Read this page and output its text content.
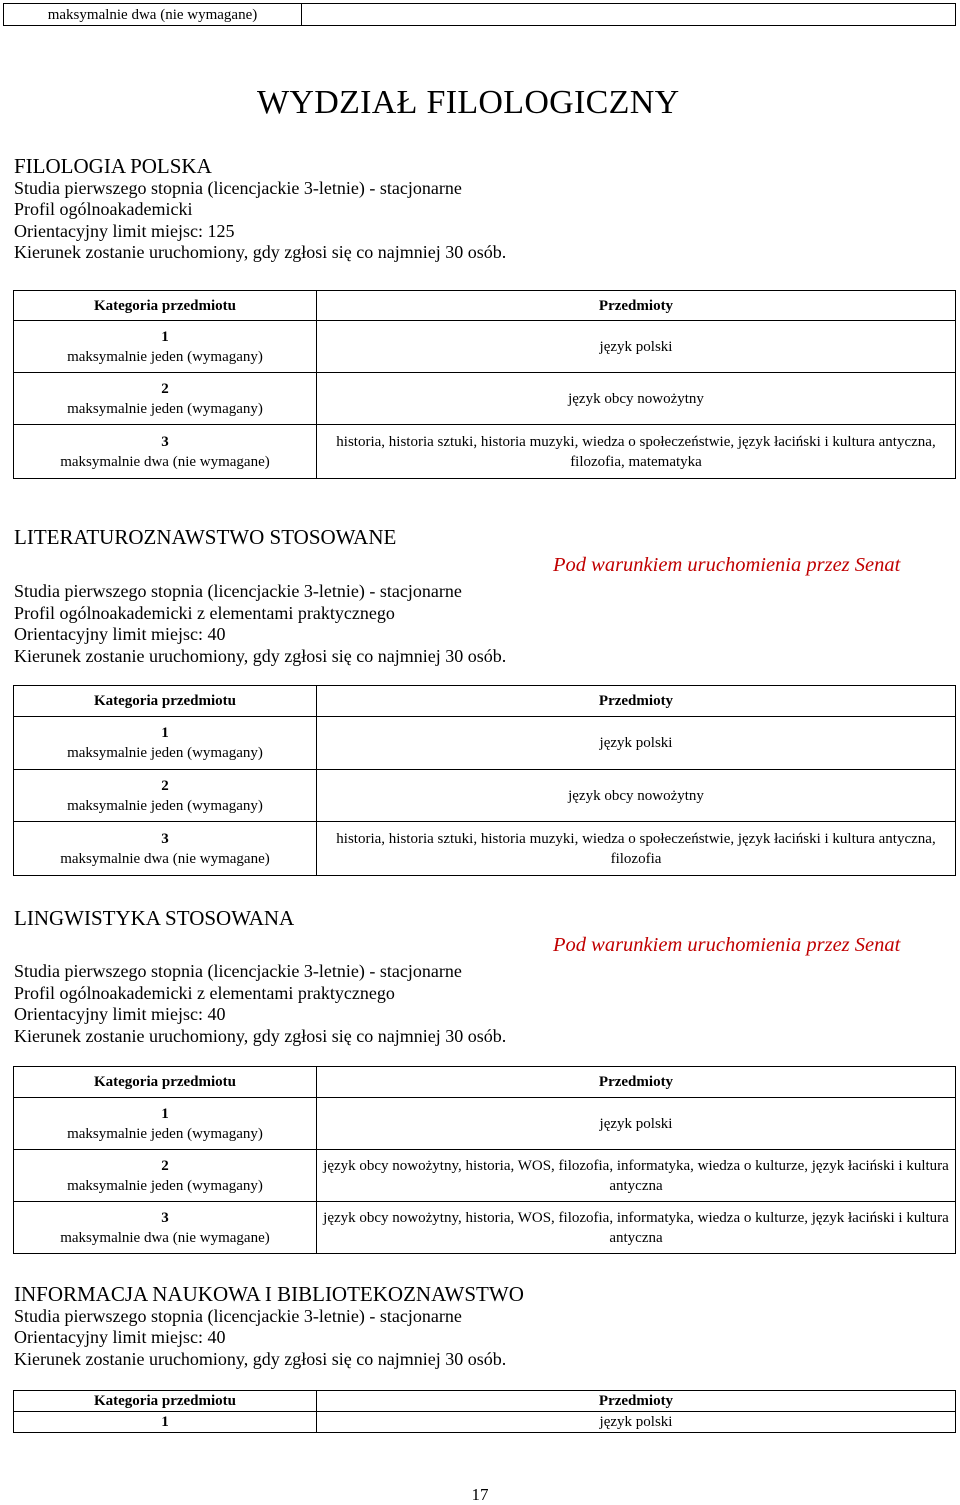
maksymalnie dwa (nie wymagane)	
WYDZIAŁ FILOLOGICZNY
FILOLOGIA POLSKA
Studia pierwszego stopnia (licencjackie 3-letnie) - stacjonarne
Profil ogólnoakademicki
Orientacyjny limit miejsc: 125
Kierunek zostanie uruchomiony, gdy zgłosi się co najmniej 30 osób.
Kategoria przedmiotu	Przedmioty

1
maksymalnie jeden (wymagany)	język polski

2
maksymalnie jeden (wymagany)	język obcy nowożytny

3
maksymalnie dwa (nie wymagane)	historia, historia sztuki, historia muzyki, wiedza o społeczeństwie, język łaciński i kultura antyczna, filozofia, matematyka
LITERATUROZNAWSTWO STOSOWANE
Pod warunkiem uruchomienia przez Senat
Studia pierwszego stopnia (licencjackie 3-letnie) - stacjonarne
Profil ogólnoakademicki z elementami praktycznego
Orientacyjny limit miejsc: 40
Kierunek zostanie uruchomiony, gdy zgłosi się co najmniej 30 osób.
Kategoria przedmiotu	Przedmioty

1
maksymalnie jeden (wymagany)	język polski

2
maksymalnie jeden (wymagany)	język obcy nowożytny

3
maksymalnie dwa (nie wymagane)	historia, historia sztuki, historia muzyki, wiedza o społeczeństwie, język łaciński i kultura antyczna, filozofia
LINGWISTYKA STOSOWANA
Pod warunkiem uruchomienia przez Senat
Studia pierwszego stopnia (licencjackie 3-letnie) - stacjonarne
Profil ogólnoakademicki z elementami praktycznego
Orientacyjny limit miejsc: 40
Kierunek zostanie uruchomiony, gdy zgłosi się co najmniej 30 osób.
Kategoria przedmiotu	Przedmioty

1
maksymalnie jeden (wymagany)	język polski

2
maksymalnie jeden (wymagany)	język obcy nowożytny, historia, WOS, filozofia, informatyka, wiedza o kulturze, język łaciński i kultura antyczna

3
maksymalnie dwa (nie wymagane)	język obcy nowożytny, historia, WOS, filozofia, informatyka, wiedza o kulturze, język łaciński i kultura antyczna
INFORMACJA NAUKOWA I BIBLIOTEKOZNAWSTWO
Studia pierwszego stopnia (licencjackie 3-letnie) - stacjonarne
Orientacyjny limit miejsc: 40
Kierunek zostanie uruchomiony, gdy zgłosi się co najmniej 30 osób.
Kategoria przedmiotu	Przedmioty

1	język polski
17
